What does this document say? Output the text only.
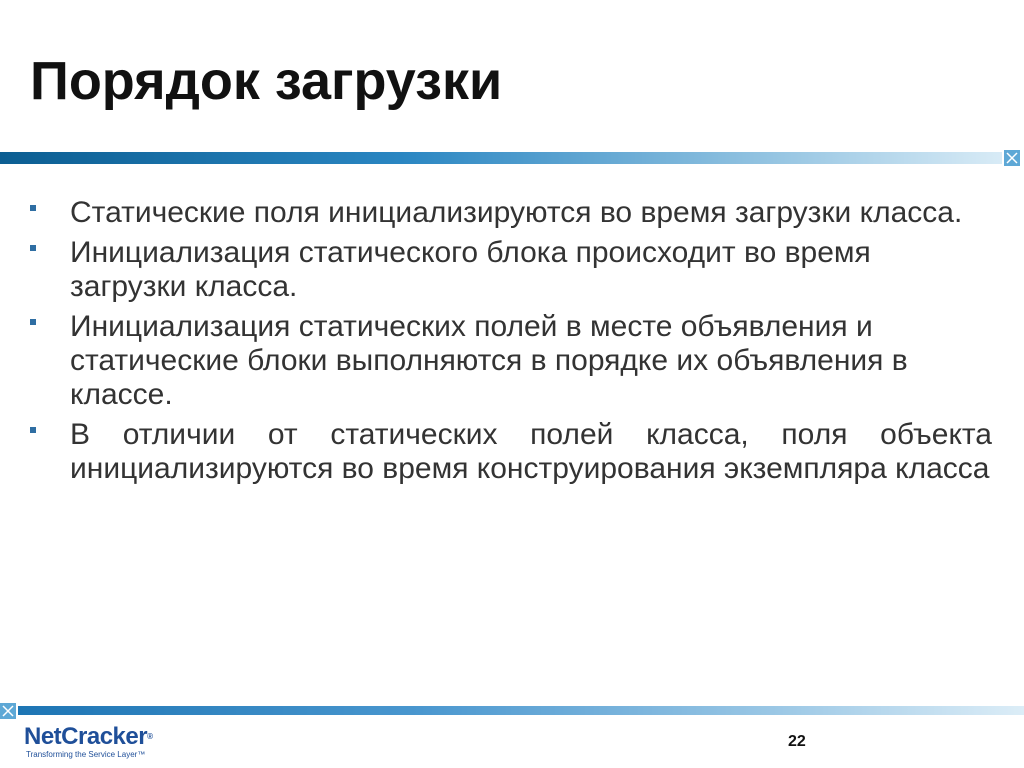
Порядок загрузки
Статические поля инициализируются во время загрузки класса.
Инициализация статического блока происходит во время загрузки класса.
Инициализация статических полей в месте объявления и статические блоки выполняются в порядке их объявления в классе.
В отличии от статических полей класса, поля объекта инициализируются во время конструирования экземпляра класса
NetCracker®
Transforming the Service Layer™
22
